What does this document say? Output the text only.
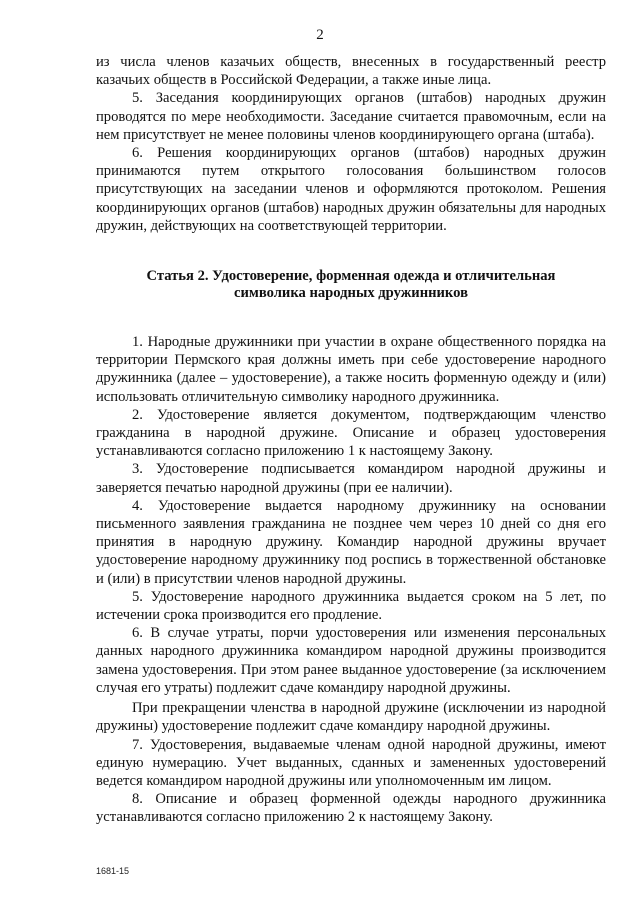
2

из числа членов казачьих обществ, внесенных в государственный реестр казачьих обществ в Российской Федерации, а также иные лица.

5. Заседания координирующих органов (штабов) народных дружин проводятся по мере необходимости. Заседание считается правомочным, если на нем присутствует не менее половины членов координирующего органа (штаба).

6. Решения координирующих органов (штабов) народных дружин принимаются путем открытого голосования большинством голосов присутствующих на заседании членов и оформляются протоколом. Решения координирующих органов (штабов) народных дружин обязательны для народных дружин, действующих на соответствующей территории.

Статья 2. Удостоверение, форменная одежда и отличительная
символика народных дружинников

1. Народные дружинники при участии в охране общественного порядка на территории Пермского края должны иметь при себе удостоверение народного дружинника (далее – удостоверение), а также носить форменную одежду и (или) использовать отличительную символику народного дружинника.

2. Удостоверение является документом, подтверждающим членство гражданина в народной дружине. Описание и образец удостоверения устанавливаются согласно приложению 1 к настоящему Закону.

3. Удостоверение подписывается командиром народной дружины и заверяется печатью народной дружины (при ее наличии).

4. Удостоверение выдается народному дружиннику на основании письменного заявления гражданина не позднее чем через 10 дней со дня его принятия в народную дружину. Командир народной дружины вручает удостоверение народному дружиннику под роспись в торжественной обстановке и (или) в присутствии членов народной дружины.

5. Удостоверение народного дружинника выдается сроком на 5 лет, по истечении срока производится его продление.

6. В случае утраты, порчи удостоверения или изменения персональных данных народного дружинника командиром народной дружины производится замена удостоверения. При этом ранее выданное удостоверение (за исключением случая его утраты) подлежит сдаче командиру народной дружины.

При прекращении членства в народной дружине (исключении из народной дружины) удостоверение подлежит сдаче командиру народной дружины.

7. Удостоверения, выдаваемые членам одной народной дружины, имеют единую нумерацию. Учет выданных, сданных и замененных удостоверений ведется командиром народной дружины или уполномоченным им лицом.

8. Описание и образец форменной одежды народного дружинника устанавливаются согласно приложению 2 к настоящему Закону.

1681-15
